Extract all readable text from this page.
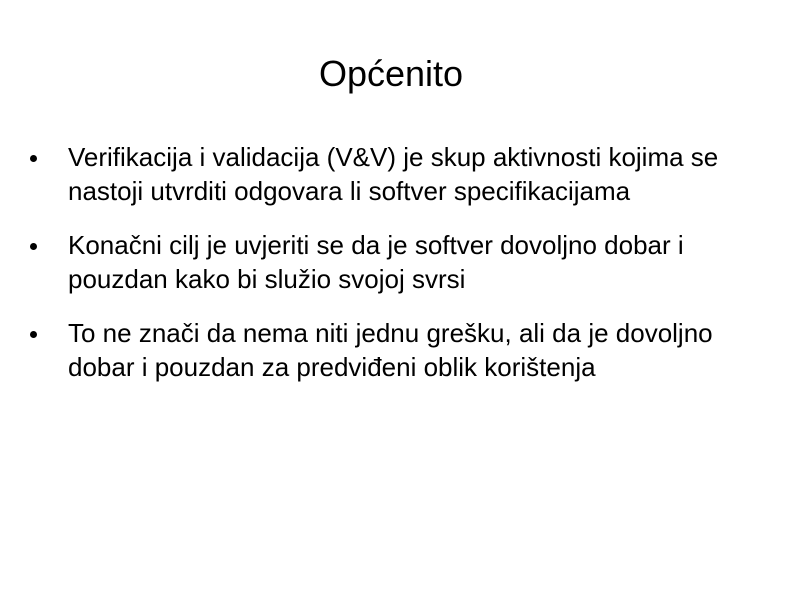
Općenito
Verifikacija i validacija (V&V) je skup aktivnosti kojima se nastoji utvrditi odgovara li softver specifikacijama
Konačni cilj je uvjeriti se da je softver dovoljno dobar i pouzdan kako bi služio svojoj svrsi
To ne znači da nema niti jednu grešku, ali da je dovoljno dobar i pouzdan za predviđeni oblik korištenja
